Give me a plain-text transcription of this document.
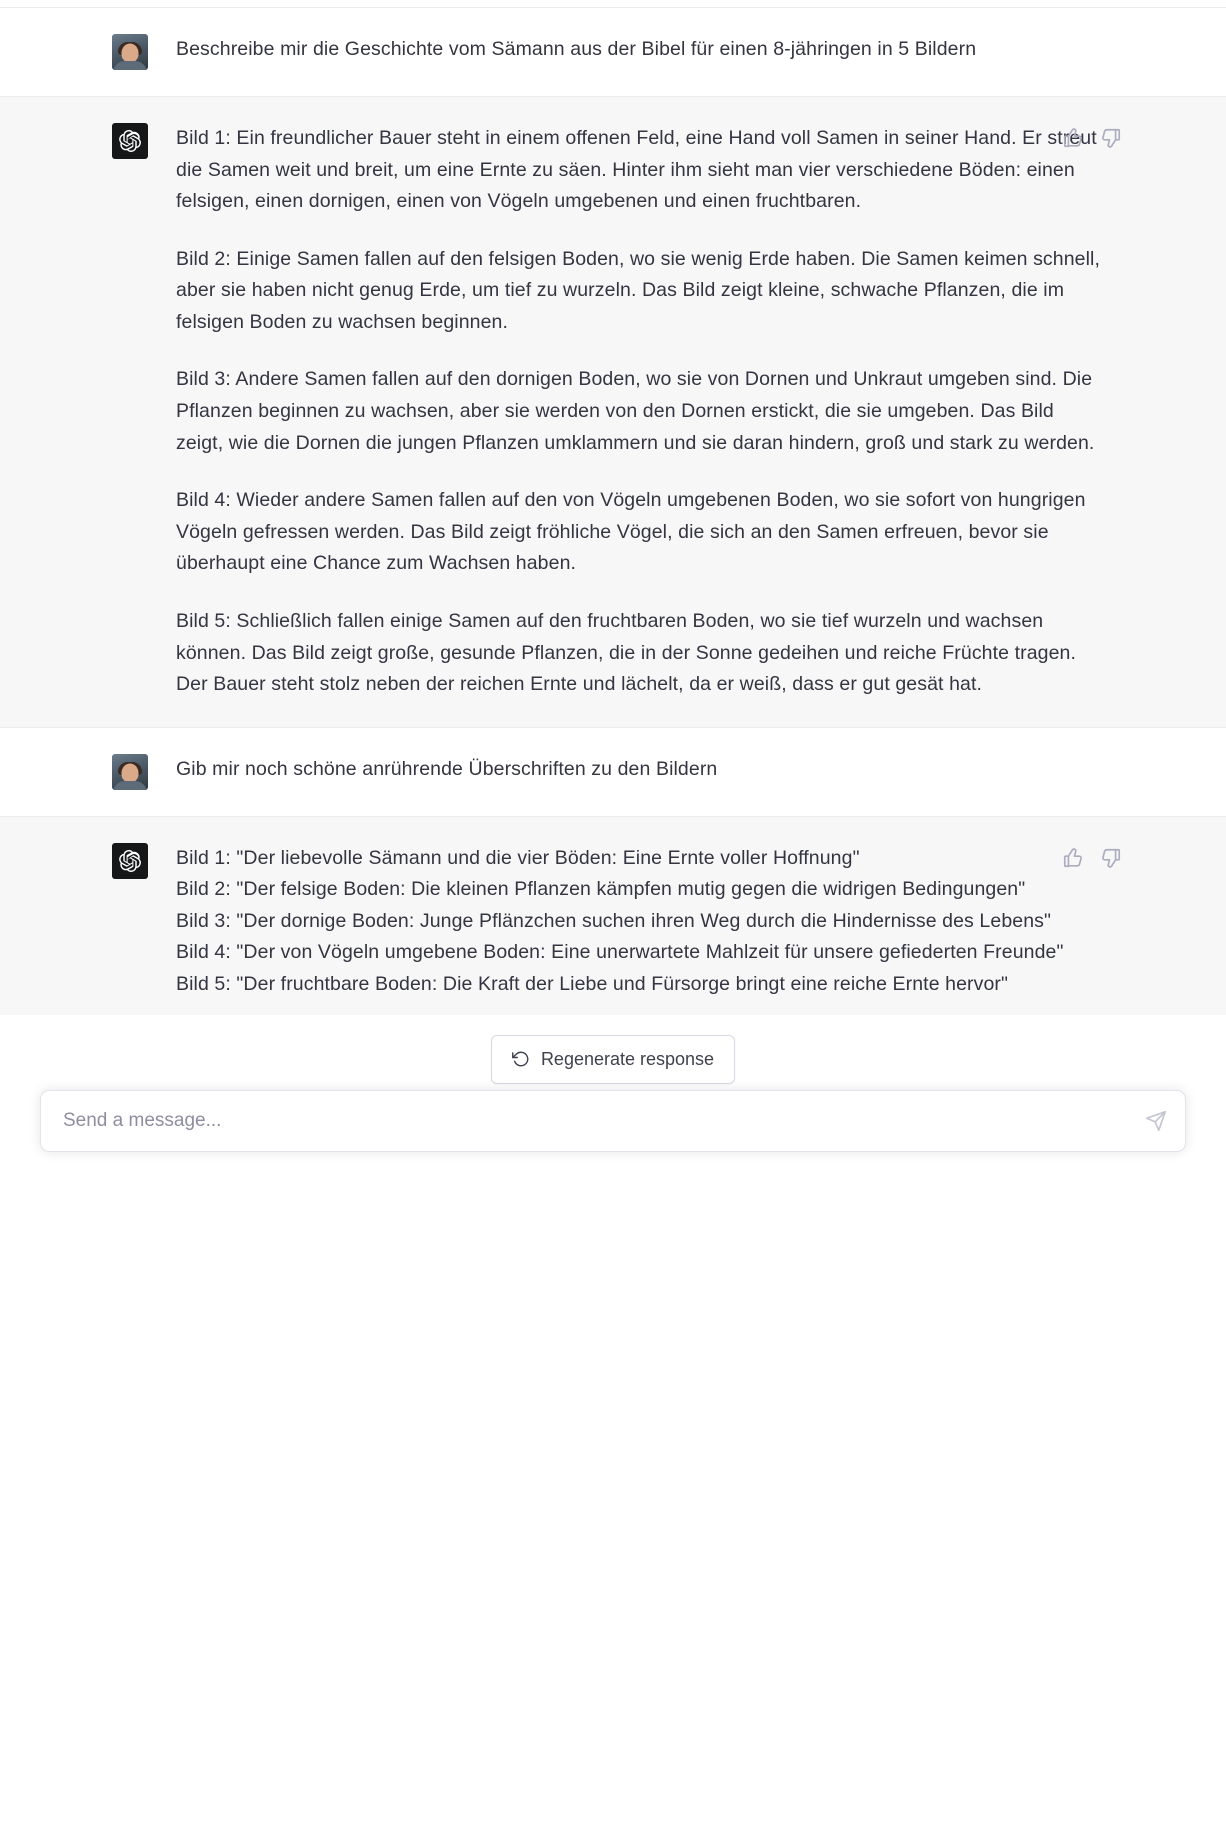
Beschreibe mir die Geschichte vom Sämann aus der Bibel für einen 8-jähringen in 5 Bildern

Bild 1: Ein freundlicher Bauer steht in einem offenen Feld, eine Hand voll Samen in seiner Hand. Er streut die Samen weit und breit, um eine Ernte zu säen. Hinter ihm sieht man vier verschiedene Böden: einen felsigen, einen dornigen, einen von Vögeln umgebenen und einen fruchtbaren.

Bild 2: Einige Samen fallen auf den felsigen Boden, wo sie wenig Erde haben. Die Samen keimen schnell, aber sie haben nicht genug Erde, um tief zu wurzeln. Das Bild zeigt kleine, schwache Pflanzen, die im felsigen Boden zu wachsen beginnen.

Bild 3: Andere Samen fallen auf den dornigen Boden, wo sie von Dornen und Unkraut umgeben sind. Die Pflanzen beginnen zu wachsen, aber sie werden von den Dornen erstickt, die sie umgeben. Das Bild zeigt, wie die Dornen die jungen Pflanzen umklammern und sie daran hindern, groß und stark zu werden.

Bild 4: Wieder andere Samen fallen auf den von Vögeln umgebenen Boden, wo sie sofort von hungrigen Vögeln gefressen werden. Das Bild zeigt fröhliche Vögel, die sich an den Samen erfreuen, bevor sie überhaupt eine Chance zum Wachsen haben.

Bild 5: Schließlich fallen einige Samen auf den fruchtbaren Boden, wo sie tief wurzeln und wachsen können. Das Bild zeigt große, gesunde Pflanzen, die in der Sonne gedeihen und reiche Früchte tragen. Der Bauer steht stolz neben der reichen Ernte und lächelt, da er weiß, dass er gut gesät hat.

Gib mir noch schöne anrührende Überschriften zu den Bildern
Bild 1: "Der liebevolle Sämann und die vier Böden: Eine Ernte voller Hoffnung"
Bild 2: "Der felsige Boden: Die kleinen Pflanzen kämpfen mutig gegen die widrigen Bedingungen"
Bild 3: "Der dornige Boden: Junge Pflänzchen suchen ihren Weg durch die Hindernisse des Lebens"
Bild 4: "Der von Vögeln umgebene Boden: Eine unerwartete Mahlzeit für unsere gefiederten Freunde"
Bild 5: "Der fruchtbare Boden: Die Kraft der Liebe und Fürsorge bringt eine reiche Ernte hervor"
Regenerate response
Send a message...
